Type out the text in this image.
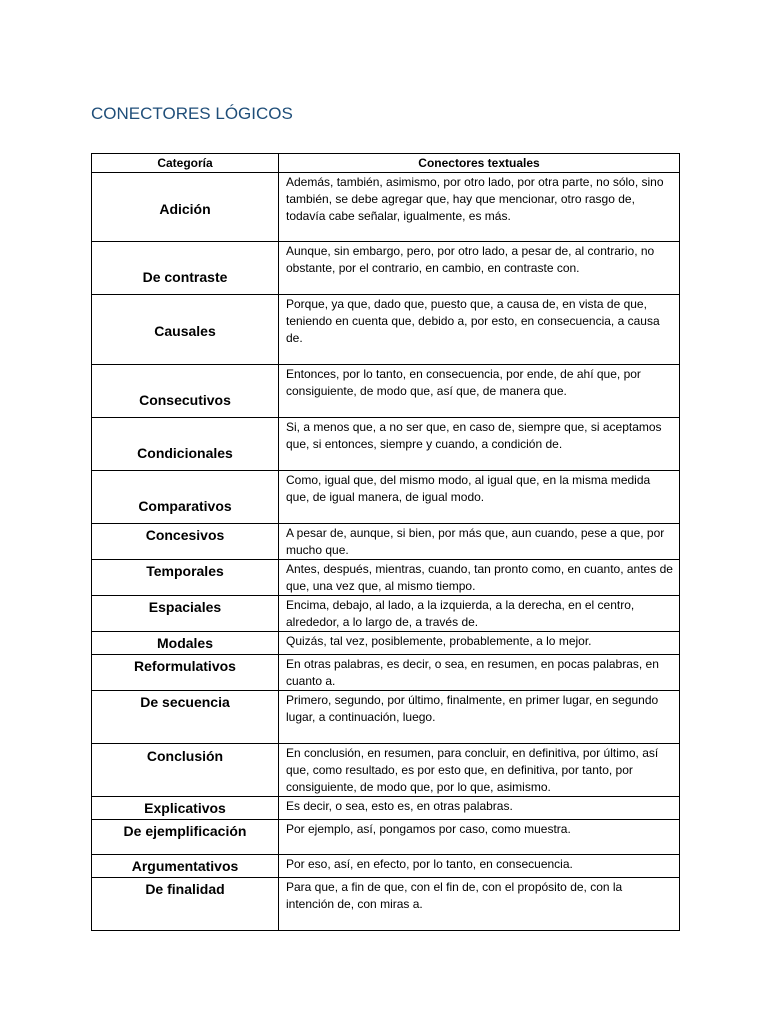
CONECTORES LÓGICOS
Categoría	Conectores textuales
Adición	Además, también, asimismo, por otro lado, por otra parte, no sólo, sino también, se debe agregar que, hay que mencionar, otro rasgo de, todavía cabe señalar, igualmente, es más.
De contraste	Aunque, sin embargo, pero, por otro lado, a pesar de, al contrario, no obstante, por el contrario, en cambio, en contraste con.
Causales	Porque, ya que, dado que, puesto que, a causa de, en vista de que, teniendo en cuenta que, debido a, por esto, en consecuencia, a causa de.
Consecutivos	Entonces, por lo tanto, en consecuencia, por ende, de ahí que, por consiguiente, de modo que, así que, de manera que.
Condicionales	Si, a menos que, a no ser que, en caso de, siempre que, si aceptamos que, si entonces, siempre y cuando, a condición de.
Comparativos	Como, igual que, del mismo modo, al igual que, en la misma medida que, de igual manera, de igual modo.
Concesivos	A pesar de, aunque, si bien, por más que, aun cuando, pese a que, por mucho que.
Temporales	Antes, después, mientras, cuando, tan pronto como, en cuanto, antes de que, una vez que, al mismo tiempo.
Espaciales	Encima, debajo, al lado, a la izquierda, a la derecha, en el centro, alrededor, a lo largo de, a través de.
Modales	Quizás, tal vez, posiblemente, probablemente, a lo mejor.
Reformulativos	En otras palabras, es decir, o sea, en resumen, en pocas palabras, en cuanto a.
De secuencia	Primero, segundo, por último, finalmente, en primer lugar, en segundo lugar, a continuación, luego.
Conclusión	En conclusión, en resumen, para concluir, en definitiva, por último, así que, como resultado, es por esto que, en definitiva, por tanto, por consiguiente, de modo que, por lo que, asimismo.
Explicativos	Es decir, o sea, esto es, en otras palabras.
De ejemplificación	Por ejemplo, así, pongamos por caso, como muestra.
Argumentativos	Por eso, así, en efecto, por lo tanto, en consecuencia.
De finalidad	Para que, a fin de que, con el fin de, con el propósito de, con la intención de, con miras a.
